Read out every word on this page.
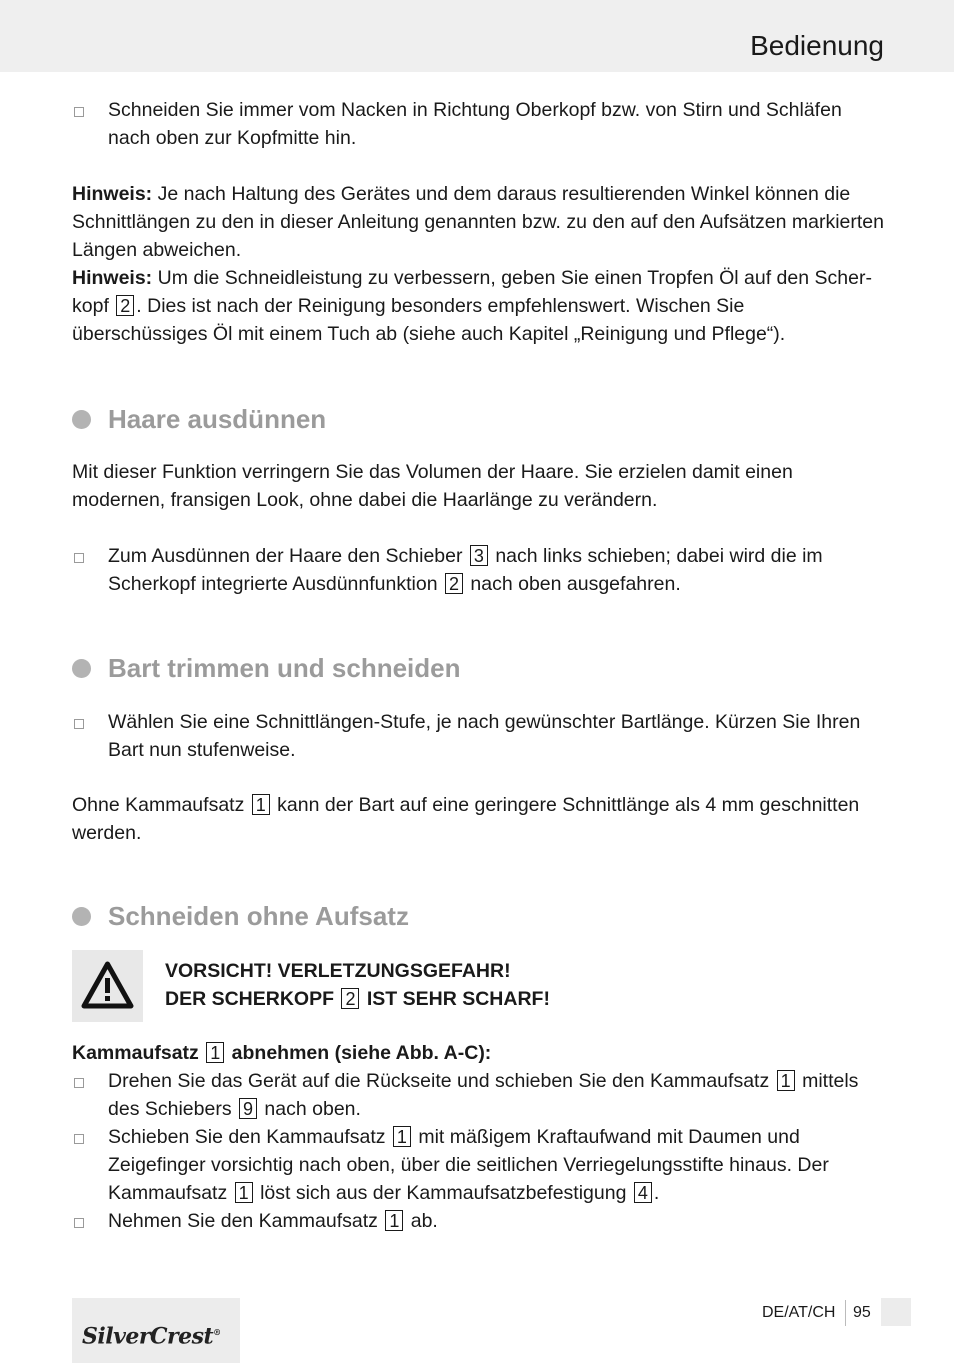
Bedienung

Schneiden Sie immer vom Nacken in Richtung Oberkopf bzw. von Stirn und Schläfen nach oben zur Kopfmitte hin.

Hinweis: Je nach Haltung des Gerätes und dem daraus resultierenden Winkel können die Schnittlängen zu den in dieser Anleitung genannten bzw. zu den auf den Aufsätzen markierten Längen abweichen.

Hinweis: Um die Schneidleistung zu verbessern, geben Sie einen Tropfen Öl auf den Scher-kopf 2 . Dies ist nach der Reinigung besonders empfehlenswert. Wischen Sie überschüssiges Öl mit einem Tuch ab (siehe auch Kapitel „Reinigung und Pflege“).

Haare ausdünnen

Mit dieser Funktion verringern Sie das Volumen der Haare. Sie erzielen damit einen modernen, fransigen Look, ohne dabei die Haarlänge zu verändern.

Zum Ausdünnen der Haare den Schieber 3 nach links schieben; dabei wird die im Scherkopf integrierte Ausdünnfunktion 2 nach oben ausgefahren.

Bart trimmen und schneiden

Wählen Sie eine Schnittlängen-Stufe, je nach gewünschter Bartlänge. Kürzen Sie Ihren Bart nun stufenweise.

Ohne Kammaufsatz 1 kann der Bart auf eine geringere Schnittlänge als 4 mm geschnitten werden.

Schneiden ohne Aufsatz
VORSICHT! VERLETZUNGSGEFAHR!
DER SCHERKOPF 2 IST SEHR SCHARF!

Kammaufsatz 1 abnehmen (siehe Abb. A-C):

Drehen Sie das Gerät auf die Rückseite und schieben Sie den Kammaufsatz 1 mittels des Schiebers 9 nach oben.

Schieben Sie den Kammaufsatz 1 mit mäßigem Kraftaufwand mit Daumen und Zeigefinger vorsichtig nach oben, über die seitlichen Verriegelungsstifte hinaus. Der Kammaufsatz 1 löst sich aus der Kammaufsatzbefestigung 4 .

Nehmen Sie den Kammaufsatz 1 ab.

SilverCrest®
DE/AT/CH 95
